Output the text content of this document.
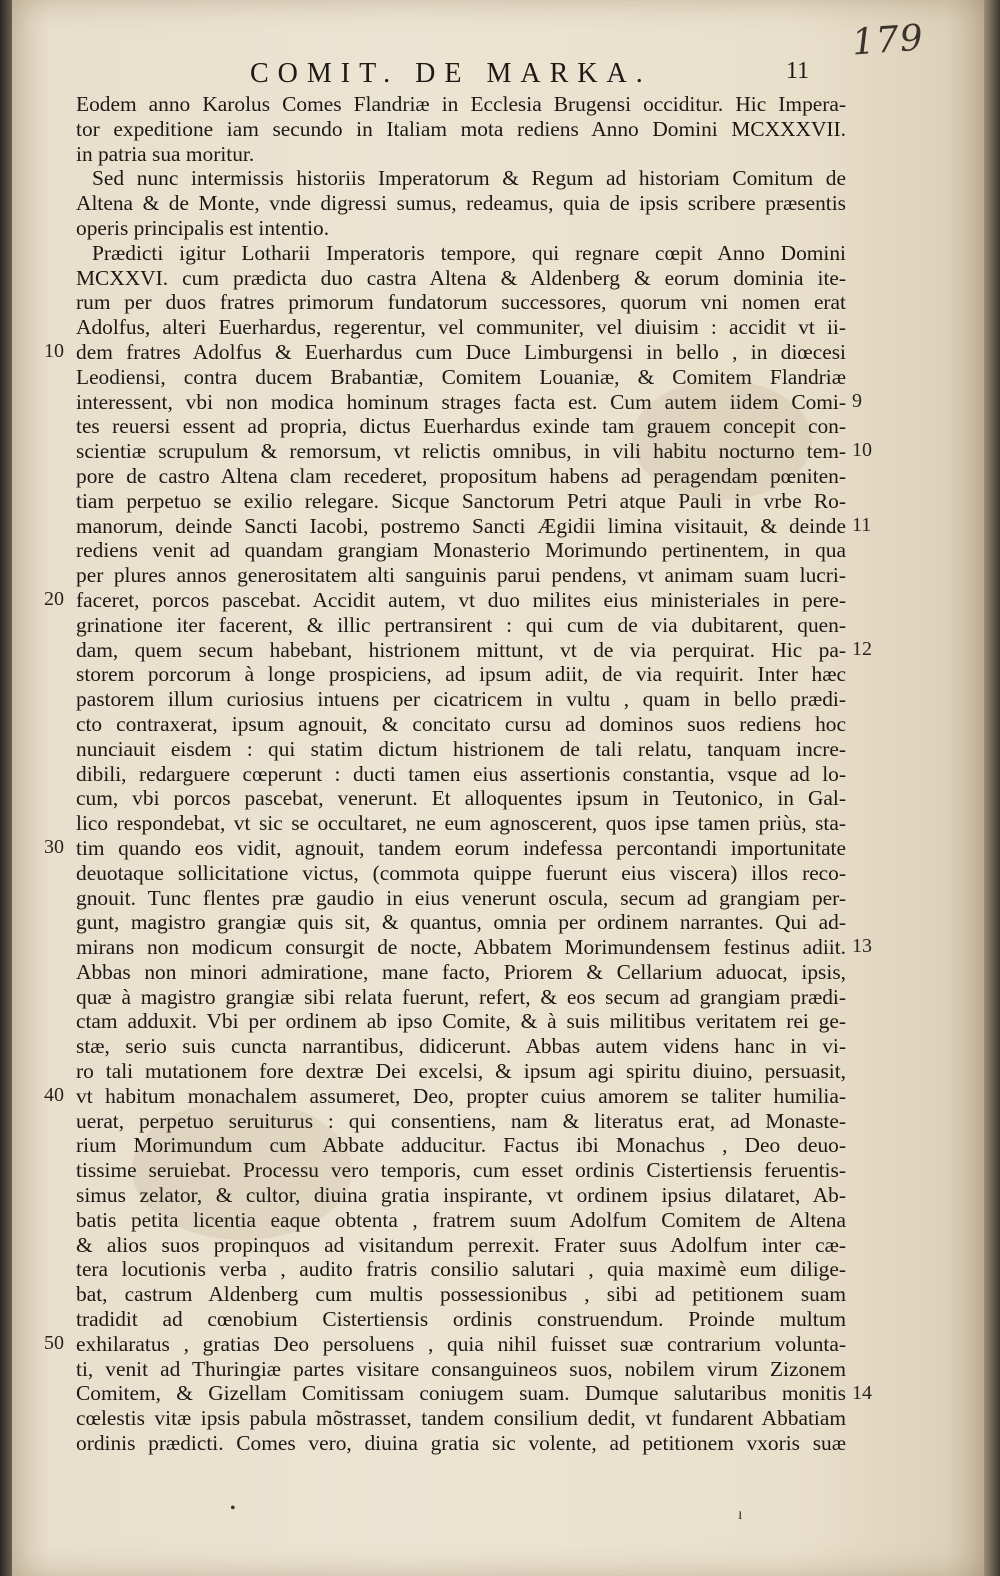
179
COMIT. DE MARKA.	11
Eodem anno Karolus Comes Flandriæ in Ecclesia Brugensi occiditur. Hic Impera-
tor expeditione iam secundo in Italiam mota rediens Anno Domini MCXXXVII.
in patria sua moritur.
Sed nunc intermissis historiis Imperatorum & Regum ad historiam Comitum de
Altena & de Monte, vnde digressi sumus, redeamus, quia de ipsis scribere præsentis
operis principalis est intentio.
Prædicti igitur Lotharii Imperatoris tempore, qui regnare cœpit Anno Domini
MCXXVI. cum prædicta duo castra Altena & Aldenberg & eorum dominia ite-
rum per duos fratres primorum fundatorum successores, quorum vni nomen erat
Adolfus, alteri Euerhardus, regerentur, vel communiter, vel diuisim : accidit vt ii-
dem fratres Adolfus & Euerhardus cum Duce Limburgensi in bello , in diœcesi
Leodiensi, contra ducem Brabantiæ, Comitem Louaniæ, & Comitem Flandriæ
interessent, vbi non modica hominum strages facta est. Cum autem iidem Comi-
tes reuersi essent ad propria, dictus Euerhardus exinde tam grauem concepit con-
scientiæ scrupulum & remorsum, vt relictis omnibus, in vili habitu nocturno tem-
pore de castro Altena clam recederet, propositum habens ad peragendam pœniten-
tiam perpetuo se exilio relegare. Sicque Sanctorum Petri atque Pauli in vrbe Ro-
manorum, deinde Sancti Iacobi, postremo Sancti Ægidii limina visitauit, & deinde
rediens venit ad quandam grangiam Monasterio Morimundo pertinentem, in qua
per plures annos generositatem alti sanguinis parui pendens, vt animam suam lucri-
faceret, porcos pascebat. Accidit autem, vt duo milites eius ministeriales in pere-
grinatione iter facerent, & illic pertransirent : qui cum de via dubitarent, quen-
dam, quem secum habebant, histrionem mittunt, vt de via perquirat. Hic pa-
storem porcorum à longe prospiciens, ad ipsum adiit, de via requirit. Inter hæc
pastorem illum curiosius intuens per cicatricem in vultu , quam in bello prædi-
cto contraxerat, ipsum agnouit, & concitato cursu ad dominos suos rediens hoc
nunciauit eisdem : qui statim dictum histrionem de tali relatu, tanquam incre-
dibili, redarguere cœperunt : ducti tamen eius assertionis constantia, vsque ad lo-
cum, vbi porcos pascebat, venerunt. Et alloquentes ipsum in Teutonico, in Gal-
lico respondebat, vt sic se occultaret, ne eum agnoscerent, quos ipse tamen priùs, sta-
tim quando eos vidit, agnouit, tandem eorum indefessa percontandi importunitate
deuotaque sollicitatione victus, (commota quippe fuerunt eius viscera) illos reco-
gnouit. Tunc flentes præ gaudio in eius venerunt oscula, secum ad grangiam per-
gunt, magistro grangiæ quis sit, & quantus, omnia per ordinem narrantes. Qui ad-
mirans non modicum consurgit de nocte, Abbatem Morimundensem festinus adiit.
Abbas non minori admiratione, mane facto, Priorem & Cellarium aduocat, ipsis,
quæ à magistro grangiæ sibi relata fuerunt, refert, & eos secum ad grangiam prædi-
ctam adduxit. Vbi per ordinem ab ipso Comite, & à suis militibus veritatem rei ge-
stæ, serio suis cuncta narrantibus, didicerunt. Abbas autem videns hanc in vi-
ro tali mutationem fore dextræ Dei excelsi, & ipsum agi spiritu diuino, persuasit,
vt habitum monachalem assumeret, Deo, propter cuius amorem se taliter humilia-
uerat, perpetuo seruiturus : qui consentiens, nam & literatus erat, ad Monaste-
rium Morimundum cum Abbate adducitur. Factus ibi Monachus , Deo deuo-
tissime seruiebat. Processu vero temporis, cum esset ordinis Cistertiensis feruentis-
simus zelator, & cultor, diuina gratia inspirante, vt ordinem ipsius dilataret, Ab-
batis petita licentia eaque obtenta , fratrem suum Adolfum Comitem de Altena
& alios suos propinquos ad visitandum perrexit. Frater suus Adolfum inter cæ-
tera locutionis verba , audito fratris consilio salutari , quia maximè eum dilige-
bat, castrum Aldenberg cum multis possessionibus , sibi ad petitionem suam
tradidit ad cœnobium Cistertiensis ordinis construendum. Proinde multum
exhilaratus , gratias Deo persoluens , quia nihil fuisset suæ contrarium volunta-
ti, venit ad Thuringiæ partes visitare consanguineos suos, nobilem virum Zizonem
Comitem, & Gizellam Comitissam coniugem suam. Dumque salutaribus monitis
cœlestis vitæ ipsis pabula mõstrasset, tandem consilium dedit, vt fundarent Abbatiam
ordinis prædicti. Comes vero, diuina gratia sic volente, ad petitionem vxoris suæ
10
20
30
40
50
9
10
11
12
13
14
•	ı
